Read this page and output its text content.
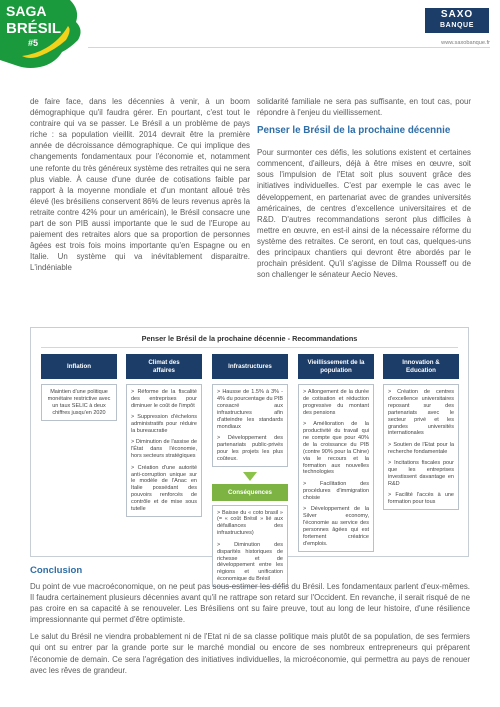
SAGA
BRÉSIL
#5
SAXO
BANQUE
www.saxobanque.fr

de faire face, dans les décennies à venir, à un boom démographique qu'il faudra gérer. En pourtant, c'est tout le contraire qui va se passer. Le Brésil a un problème de pays riche : sa population vieillit. 2014 devrait être la première année de décroissance démographique. Ce qui implique des changements fondamentaux pour l'économie et, notamment une refonte du très généreux système des retraites qui ne sera plus viable. À cause d'une durée de cotisations faible par rapport à la moyenne mondiale et d'un montant alloué très élevé (les brésiliens conservent 86% de leurs revenus après la retraite contre 42% pour un américain), le Brésil consacre une part de son PIB aussi importante que le sud de l'Europe au paiement des retraites alors que sa proportion de personnes âgées est trois fois moins importante qu'en Espagne ou en Italie. Un système qui va inévitablement disparaitre. L'indéniable

solidarité familiale ne sera pas suffisante, en tout cas, pour répondre à l'enjeu du vieillissement.

Penser le Brésil de la prochaine décennie

Pour surmonter ces défis, les solutions existent et certaines commencent, d'ailleurs, déjà à être mises en œuvre, soit sous l'impulsion de l'Etat soit plus souvent grâce des initiatives individuelles. C'est par exemple le cas avec le développement, en partenariat avec de grandes universités américaines, de centres d'excellence universitaires et de R&D. D'autres recommandations seront plus difficiles à mettre en œuvre, en est-il ainsi de la nécessaire réforme du système des retraites. Ce seront, en tout cas, quelques-uns des principaux chantiers qui devront être abordés par le prochain président. Qu'il s'agisse de Dilma Rousseff ou de son challenger le sénateur Aecio Neves.

Penser le Brésil de la prochaine décennie - Recommandations
Inflation
Maintien d'une politique monétaire restrictive avec un taux SELIC à deux chiffres jusqu'en 2020
Climat des affaires
> Réforme de la fiscalité des entreprises pour diminuer le coût de l'impôt
> Suppression d'échelons administratifs pour réduire la bureaucratie
> Diminution de l'assise de l'État dans l'économie, hors secteurs stratégiques
> Création d'une autorité anti-corruption unique sur le modèle de l'Anac en Italie possédant des pouvoirs renforcés de contrôle et de mise sous tutelle
Infrastructures
> Hausse de 1.5% à 3% - 4% du pourcentage du PIB consacré aux infrastructures afin d'atteindre les standards mondiaux
> Développement des partenariats public-privés pour les projets les plus coûteux.
Conséquences
> Baisse du « coto brasil » (= « coût Brésil » lié aux défaillances des infrastructures)
> Diminution des disparités historiques de richesse et de développement entre les régions et unification économique du Brésil
Vieillissement de la population
> Allongement de la durée de cotisation et réduction progressive du montant des pensions
> Amélioration de la productivité du travail qui ne compte que pour 40% de la croissance du PIB (contre 90% pour la Chine) via le recours et la formation aux nouvelles technologies
> Facilitation des procédures d'immigration choisie
> Développement de la Silver economy, l'économie au service des personnes âgées qui est fortement créatrice d'emplois.
Innovation & Education
> Création de centres d'excellence universitaires reposant sur des partenariats avec le secteur privé et les grandes universités internationales
> Soutien de l'Etat pour la recherche fondamentale
> Incitations fiscales pour que les entreprises investissent davantage en R&D
> Facilité l'accès à une formation pour tous
Conclusion

Du point de vue macroéconomique, on ne peut pas sous-estimer les défis du Brésil. Les fondamentaux parlent d'eux-mêmes. Il faudra certainement plusieurs décennies avant qu'il ne rattrape son retard sur l'Occident. En revanche, il serait risqué de ne pas croire en sa capacité à se renouveler. Les Brésiliens ont su faire preuve, tout au long de leur histoire, d'une résilience impressionnante qui permet d'être optimiste.

Le salut du Brésil ne viendra probablement ni de l'Etat ni de sa classe politique mais plutôt de sa population, de ses fermiers qui ont su entrer par la grande porte sur le marché mondial ou encore de ses nombreux entrepreneurs qui préparent l'économie de demain. Ce sera l'agrégation des initiatives individuelles, la microéconomie, qui permettra au pays de renouer avec les rêves de grandeur.
